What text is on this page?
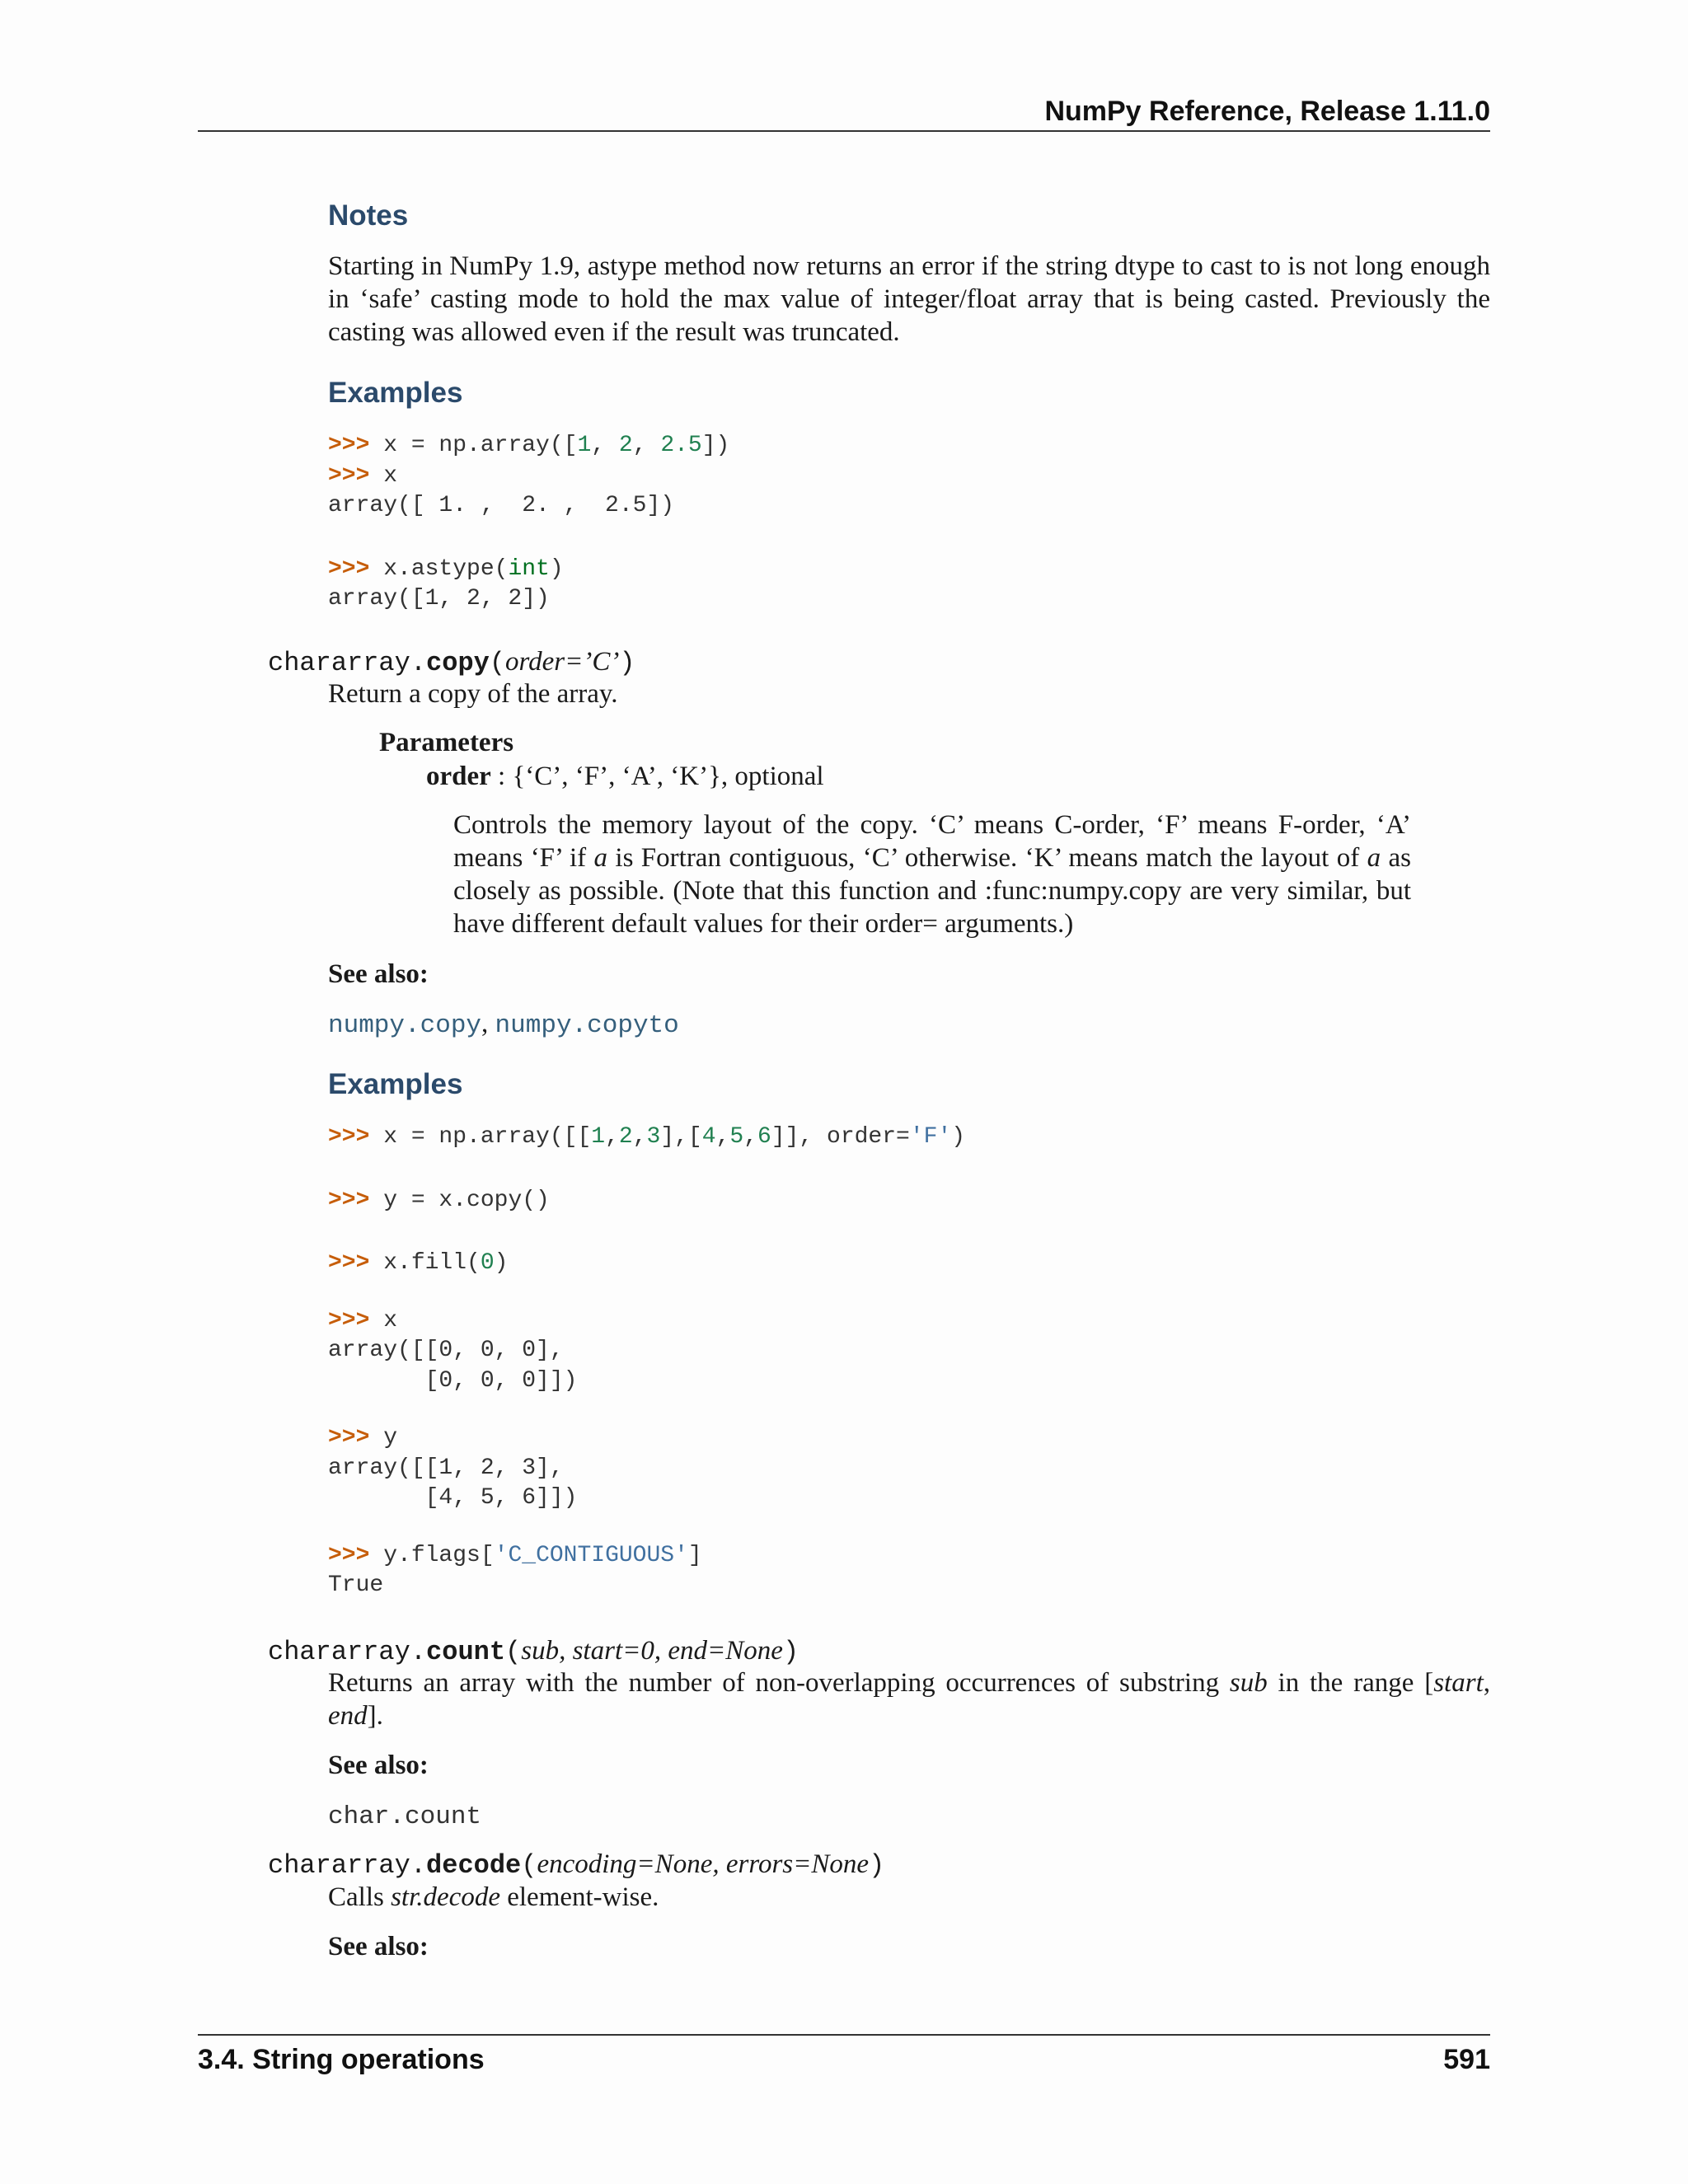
NumPy Reference, Release 1.11.0
Notes
Starting in NumPy 1.9, astype method now returns an error if the string dtype to cast to is not long enough in ‘safe’ casting mode to hold the max value of integer/float array that is being casted. Previously the casting was allowed even if the result was truncated.
Examples
>>> x = np.array([1, 2, 2.5])
>>> x
array([ 1. ,  2. ,  2.5])
>>> x.astype(int)
array([1, 2, 2])
chararray.copy(order=’C’)
Return a copy of the array.
Parameters
order : {‘C’, ‘F’, ‘A’, ‘K’}, optional
Controls the memory layout of the copy. ‘C’ means C-order, ‘F’ means F-order, ‘A’ means ‘F’ if a is Fortran contiguous, ‘C’ otherwise. ‘K’ means match the layout of a as closely as possible. (Note that this function and :func:numpy.copy are very similar, but have different default values for their order= arguments.)
See also:
numpy.copy, numpy.copyto
Examples
>>> x = np.array([[1,2,3],[4,5,6]], order='F')
>>> y = x.copy()
>>> x.fill(0)
>>> x
array([[0, 0, 0],
[0, 0, 0]])
>>> y
array([[1, 2, 3],
[4, 5, 6]])
>>> y.flags['C_CONTIGUOUS']
True
chararray.count(sub, start=0, end=None)
Returns an array with the number of non-overlapping occurrences of substring sub in the range [start, end].
See also:
char.count
chararray.decode(encoding=None, errors=None)
Calls str.decode element-wise.
See also:
3.4. String operations	591
